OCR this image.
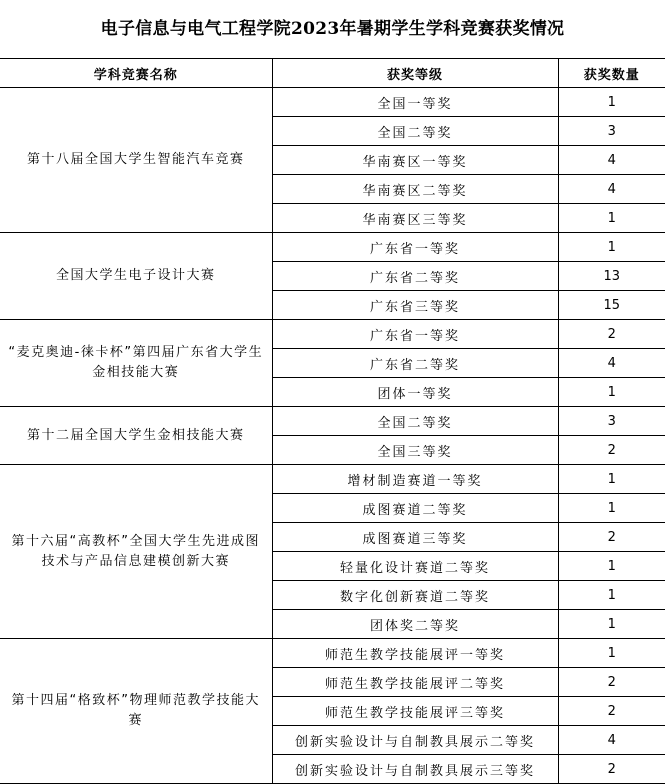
电子信息与电气工程学院2023年暑期学生学科竞赛获奖情况
学科竞赛名称	获奖等级	获奖数量
第十八届全国大学生智能汽车竞赛	全国一等奖	1
	全国二等奖	3
	华南赛区一等奖	4
	华南赛区二等奖	4
	华南赛区三等奖	1
全国大学生电子设计大赛	广东省一等奖	1
	广东省二等奖	13
	广东省三等奖	15
“麦克奥迪-徕卡杯”第四届广东省大学生金相技能大赛	广东省一等奖	2
	广东省二等奖	4
	团体一等奖	1
第十二届全国大学生金相技能大赛	全国二等奖	3
	全国三等奖	2
第十六届“高教杯”全国大学生先进成图技术与产品信息建模创新大赛	增材制造赛道一等奖	1
	成图赛道二等奖	1
	成图赛道三等奖	2
	轻量化设计赛道二等奖	1
	数字化创新赛道二等奖	1
	团体奖二等奖	1
第十四届“格致杯”物理师范教学技能大赛	师范生教学技能展评一等奖	1
	师范生教学技能展评二等奖	2
	师范生教学技能展评三等奖	2
	创新实验设计与自制教具展示二等奖	4
	创新实验设计与自制教具展示三等奖	2
